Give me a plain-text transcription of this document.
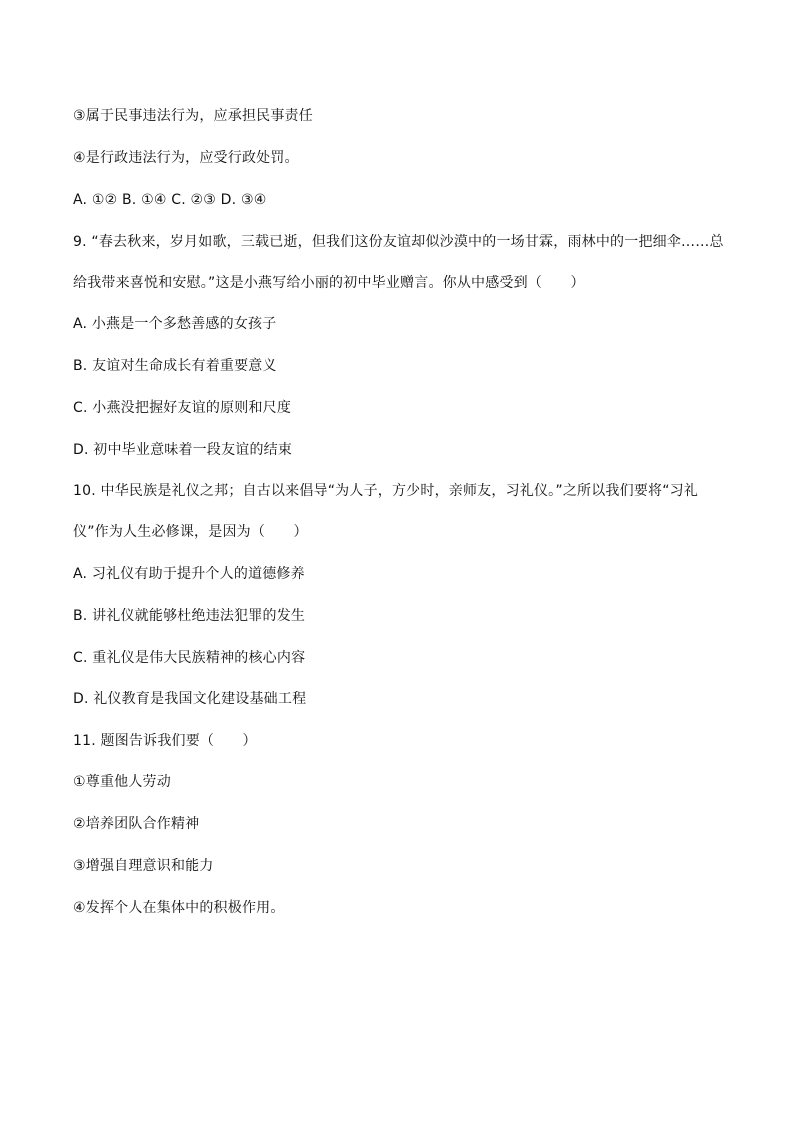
③属于民事违法行为，应承担民事责任
④是行政违法行为，应受行政处罚。
A. ①② B. ①④ C. ②③ D. ③④
9. “春去秋来，岁月如歌，三载已逝，但我们这份友谊却似沙漠中的一场甘霖，雨林中的一把细伞……总
给我带来喜悦和安慰。”这是小燕写给小丽的初中毕业赠言。你从中感受到（　　）
A. 小燕是一个多愁善感的女孩子
B. 友谊对生命成长有着重要意义
C. 小燕没把握好友谊的原则和尺度
D. 初中毕业意味着一段友谊的结束
10. 中华民族是礼仪之邦；自古以来倡导“为人子，方少时，亲师友，习礼仪。”之所以我们要将“习礼
仪”作为人生必修课，是因为（　　）
A. 习礼仪有助于提升个人的道德修养
B. 讲礼仪就能够杜绝违法犯罪的发生
C. 重礼仪是伟大民族精神的核心内容
D. 礼仪教育是我国文化建设基础工程
11. 题图告诉我们要（　　）
①尊重他人劳动
②培养团队合作精神
③增强自理意识和能力
④发挥个人在集体中的积极作用。
